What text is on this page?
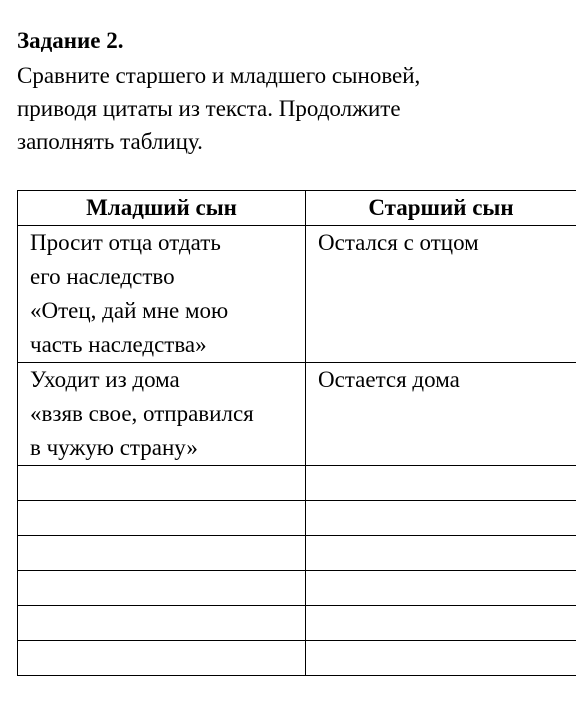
Задание 2.
Сравните старшего и младшего сыновей,
приводя цитаты из текста. Продолжите
заполнять таблицу.
Младший сын	Старший сын

Просит отца отдать
его наследство
«Отец, дай мне мою
часть наследства»	Остался с отцом

Уходит из дома
«взяв свое, отправился
в чужую страну»	Остается дома
